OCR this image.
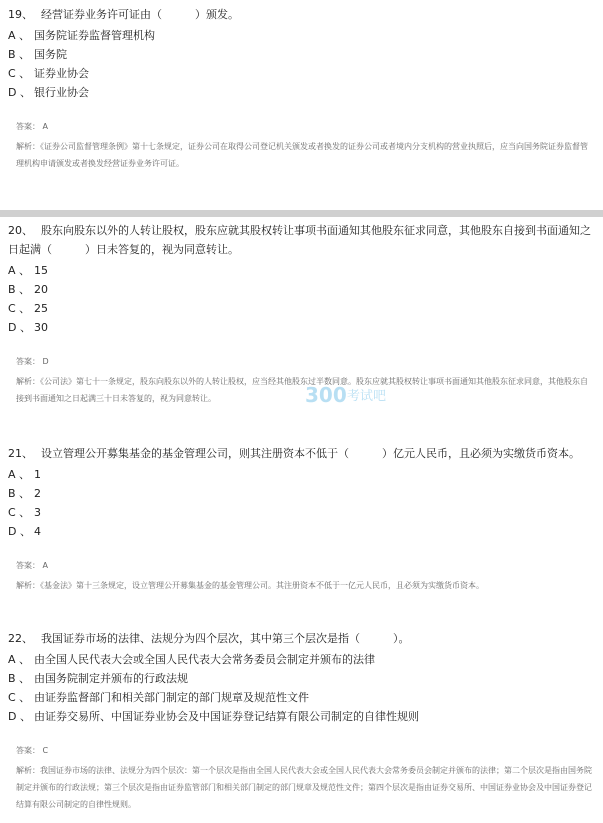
19、 经营证券业务许可证由（　　　）颁发。
A 、 国务院证券监督管理机构
B 、 国务院
C 、 证券业协会
D 、 银行业协会
答案： A
解析：《证券公司监督管理条例》第十七条规定，证券公司在取得公司登记机关颁发或者换发的证券公司或者境内分支机构的营业执照后，应当向国务院证券监督管理机构申请颁发或者换发经营证券业务许可证。
20、 股东向股东以外的人转让股权，股东应就其股权转让事项书面通知其他股东征求同意，其他股东自接到书面通知之日起满（　　　）日未答复的，视为同意转让。
A 、 15
B 、 20
C 、 25
D 、 30
答案： D
解析：《公司法》第七十一条规定，股东向股东以外的人转让股权，应当经其他股东过半数同意。股东应就其股权转让事项书面通知其他股东征求同意，其他股东自接到书面通知之日起满三十日未答复的，视为同意转让。	300 考试吧
21、 设立管理公开募集基金的基金管理公司，则其注册资本不低于（　　　）亿元人民币，且必须为实缴货币资本。
A 、 1
B 、 2
C 、 3
D 、 4
答案： A
解析：《基金法》第十三条规定，设立管理公开募集基金的基金管理公司。其注册资本不低于一亿元人民币，且必须为实缴货币资本。
22、 我国证券市场的法律、法规分为四个层次，其中第三个层次是指（　　　）。
A 、 由全国人民代表大会或全国人民代表大会常务委员会制定并颁布的法律
B 、 由国务院制定并颁布的行政法规
C 、 由证券监督部门和相关部门制定的部门规章及规范性文件
D 、 由证券交易所、中国证券业协会及中国证券登记结算有限公司制定的自律性规则
答案： C
解析：我国证券市场的法律、法规分为四个层次：第一个层次是指由全国人民代表大会或全国人民代表大会常务委员会制定并颁布的法律；第二个层次是指由国务院制定并颁布的行政法规；第三个层次是指由证券监管部门和相关部门制定的部门规章及规范性文件；第四个层次是指由证券交易所、中国证券业协会及中国证券登记结算有限公司制定的自律性规则。
